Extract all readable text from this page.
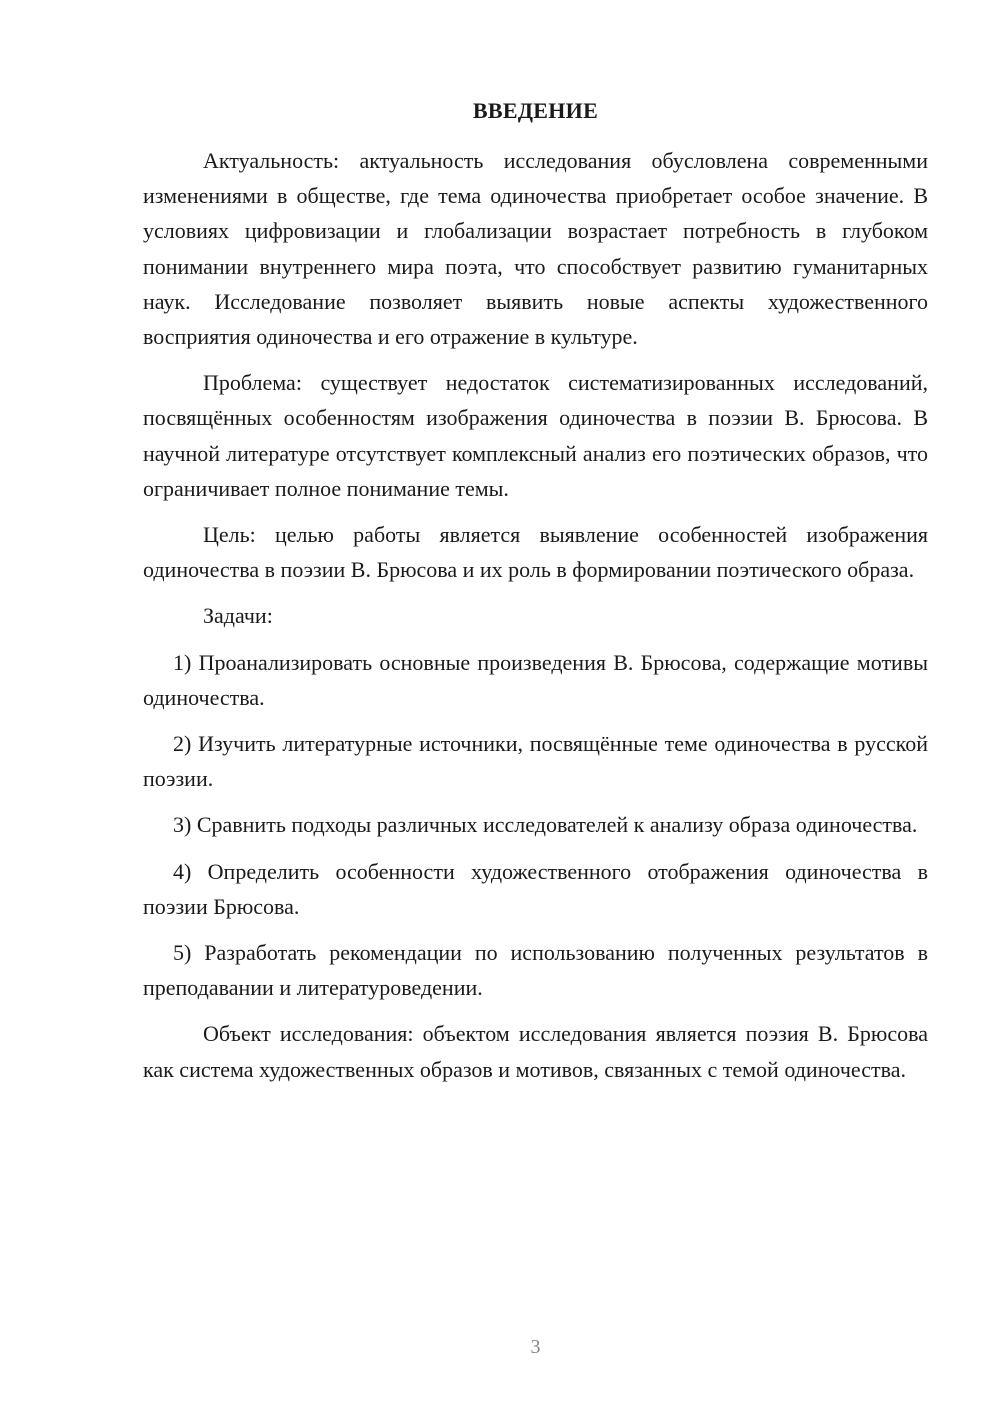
ВВЕДЕНИЕ

Актуальность: актуальность исследования обусловлена современными изменениями в обществе, где тема одиночества приобретает особое значение. В условиях цифровизации и глобализации возрастает потребность в глубоком понимании внутреннего мира поэта, что способствует развитию гуманитарных наук. Исследование позволяет выявить новые аспекты художественного восприятия одиночества и его отражение в культуре.

Проблема: существует недостаток систематизированных исследований, посвящённых особенностям изображения одиночества в поэзии В. Брюсова. В научной литературе отсутствует комплексный анализ его поэтических образов, что ограничивает полное понимание темы.

Цель: целью работы является выявление особенностей изображения одиночества в поэзии В. Брюсова и их роль в формировании поэтического образа.

Задачи:

1) Проанализировать основные произведения В. Брюсова, содержащие мотивы одиночества.

2) Изучить литературные источники, посвящённые теме одиночества в русской поэзии.

3) Сравнить подходы различных исследователей к анализу образа одиночества.

4) Определить особенности художественного отображения одиночества в поэзии Брюсова.

5) Разработать рекомендации по использованию полученных результатов в преподавании и литературоведении.

Объект исследования: объектом исследования является поэзия В. Брюсова как система художественных образов и мотивов, связанных с темой одиночества.

3
